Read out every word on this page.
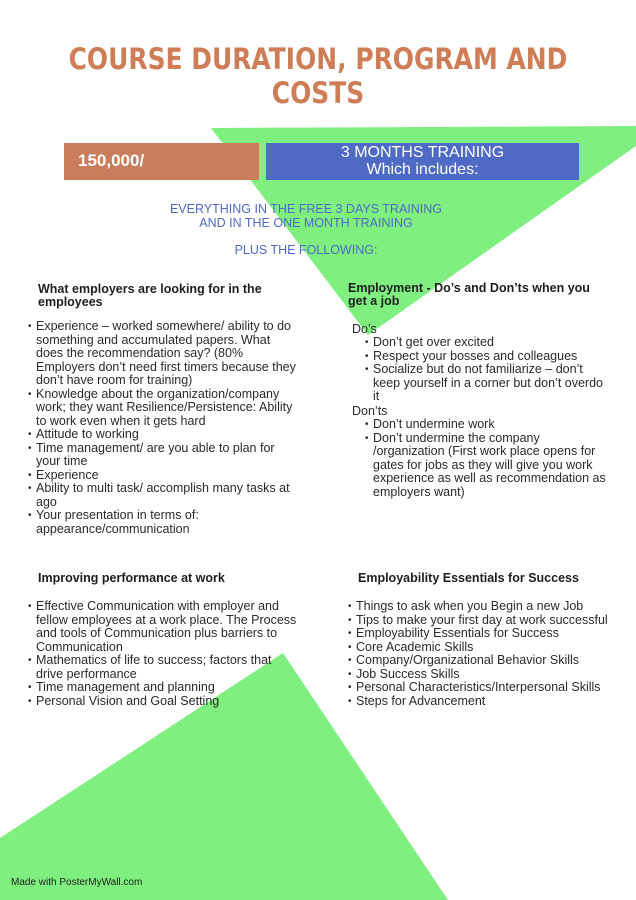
COURSE DURATION, PROGRAM AND COSTS
150,000/	3 MONTHS TRAINING
Which includes:
EVERYTHING IN THE FREE 3 DAYS TRAINING
AND IN THE ONE MONTH TRAINING
PLUS THE FOLLOWING:
What employers are looking for in the employees
• Experience – worked somewhere/ ability to do something and accumulated papers. What does the recommendation say? (80% Employers don’t need first timers because they don’t have room for training)
• Knowledge about the organization/company work; they want Resilience/Persistence: Ability to work even when it gets hard
• Attitude to working
• Time management/ are you able to plan for your time
• Experience
• Ability to multi task/ accomplish many tasks at ago
• Your presentation in terms of: appearance/communication
Employment - Do’s and Don’ts when you get a job
Do’s
• Don’t get over excited
• Respect your bosses and colleagues
• Socialize but do not familiarize – don’t keep yourself in a corner but don’t overdo it
Don’ts
• Don’t undermine work
• Don’t undermine the company /organization (First work place opens for gates for jobs as they will give you work experience as well as recommendation as employers want)
Improving performance at work
• Effective Communication with employer and fellow employees at a work place. The Process and tools of Communication plus barriers to Communication
• Mathematics of life to success; factors that drive performance
• Time management and planning
• Personal Vision and Goal Setting
Employability Essentials for Success
• Things to ask when you Begin a new Job
• Tips to make your first day at work successful
• Employability Essentials for Success
• Core Academic Skills
• Company/Organizational Behavior Skills
• Job Success Skills
• Personal Characteristics/Interpersonal Skills
• Steps for Advancement
Made with PosterMyWall.com
